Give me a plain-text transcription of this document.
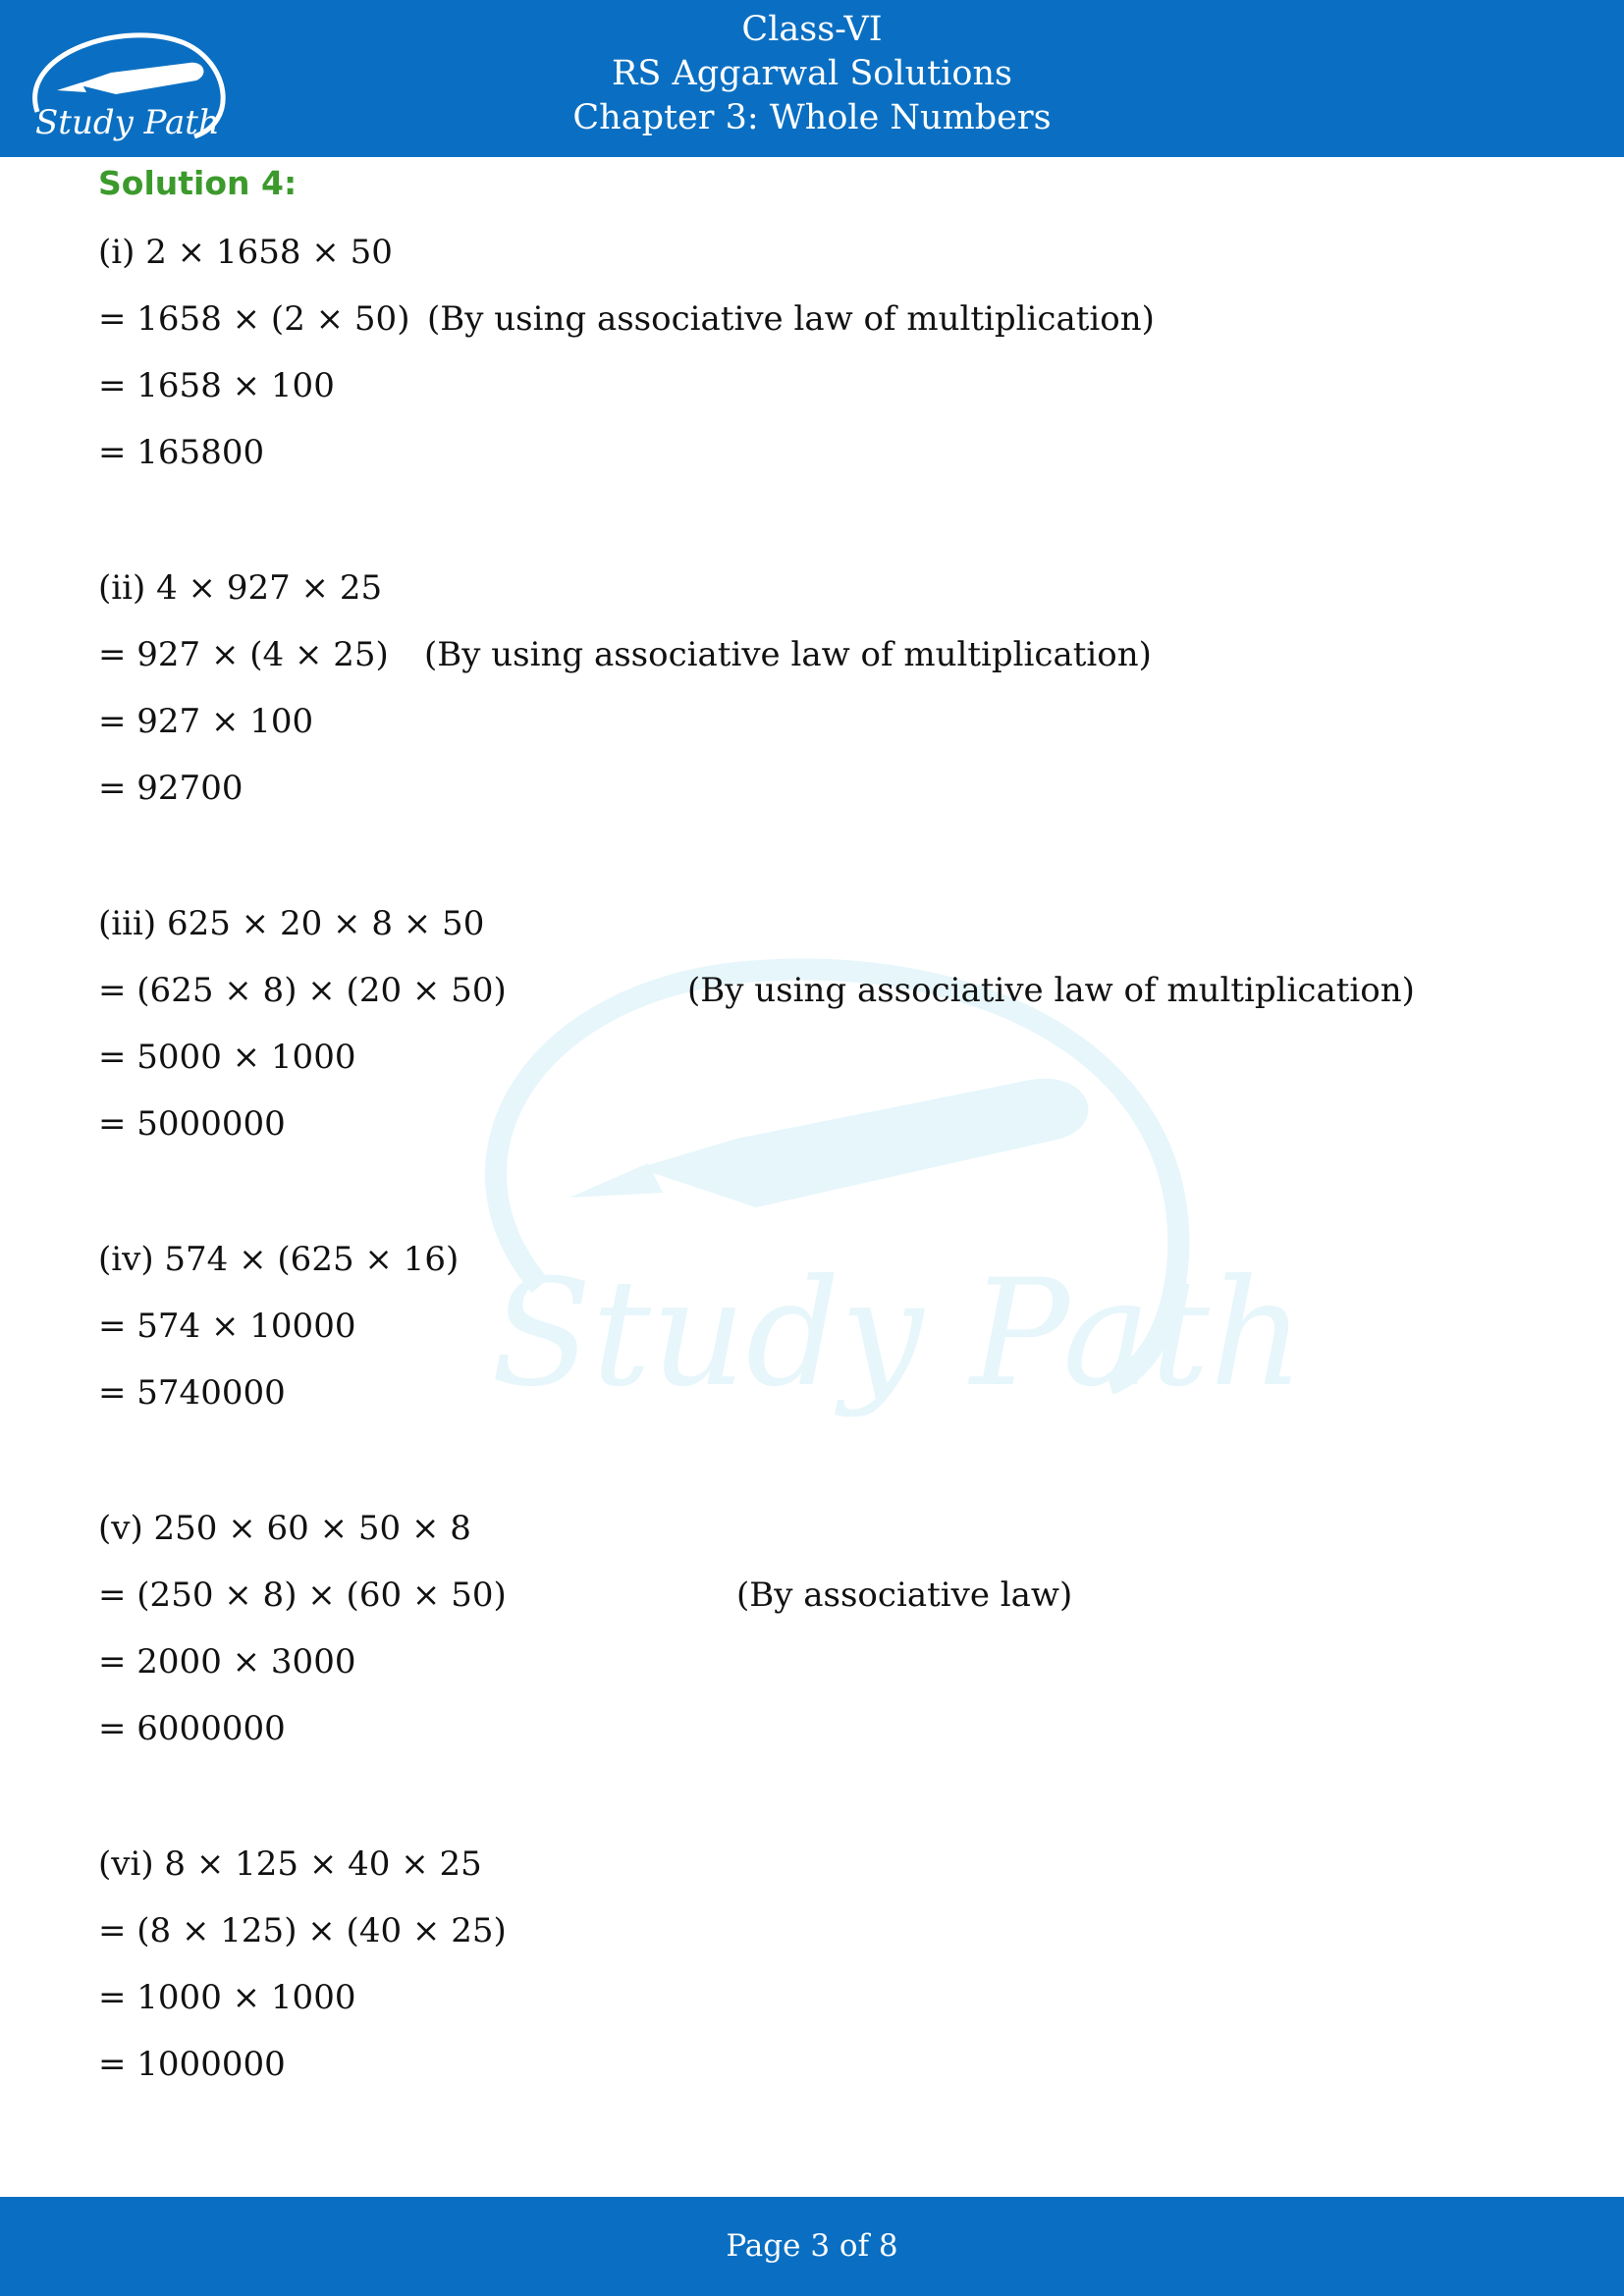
Study Path
Class-VI
RS Aggarwal Solutions
Chapter 3: Whole Numbers
Study Path
Solution 4:
(i) 2 × 1658 × 50
= 1658 × (2 × 50) (By using associative law of multiplication)
= 1658 × 100
= 165800
(ii) 4 × 927 × 25
= 927 × (4 × 25) (By using associative law of multiplication)
= 927 × 100
= 92700
(iii) 625 × 20 × 8 × 50
= (625 × 8) × (20 × 50)	(By using associative law of multiplication)
= 5000 × 1000
= 5000000
(iv) 574 × (625 × 16)
= 574 × 10000
= 5740000
(v) 250 × 60 × 50 × 8
= (250 × 8) × (60 × 50)	(By associative law)
= 2000 × 3000
= 6000000
(vi) 8 × 125 × 40 × 25
= (8 × 125) × (40 × 25)
= 1000 × 1000
= 1000000
Page 3 of 8
